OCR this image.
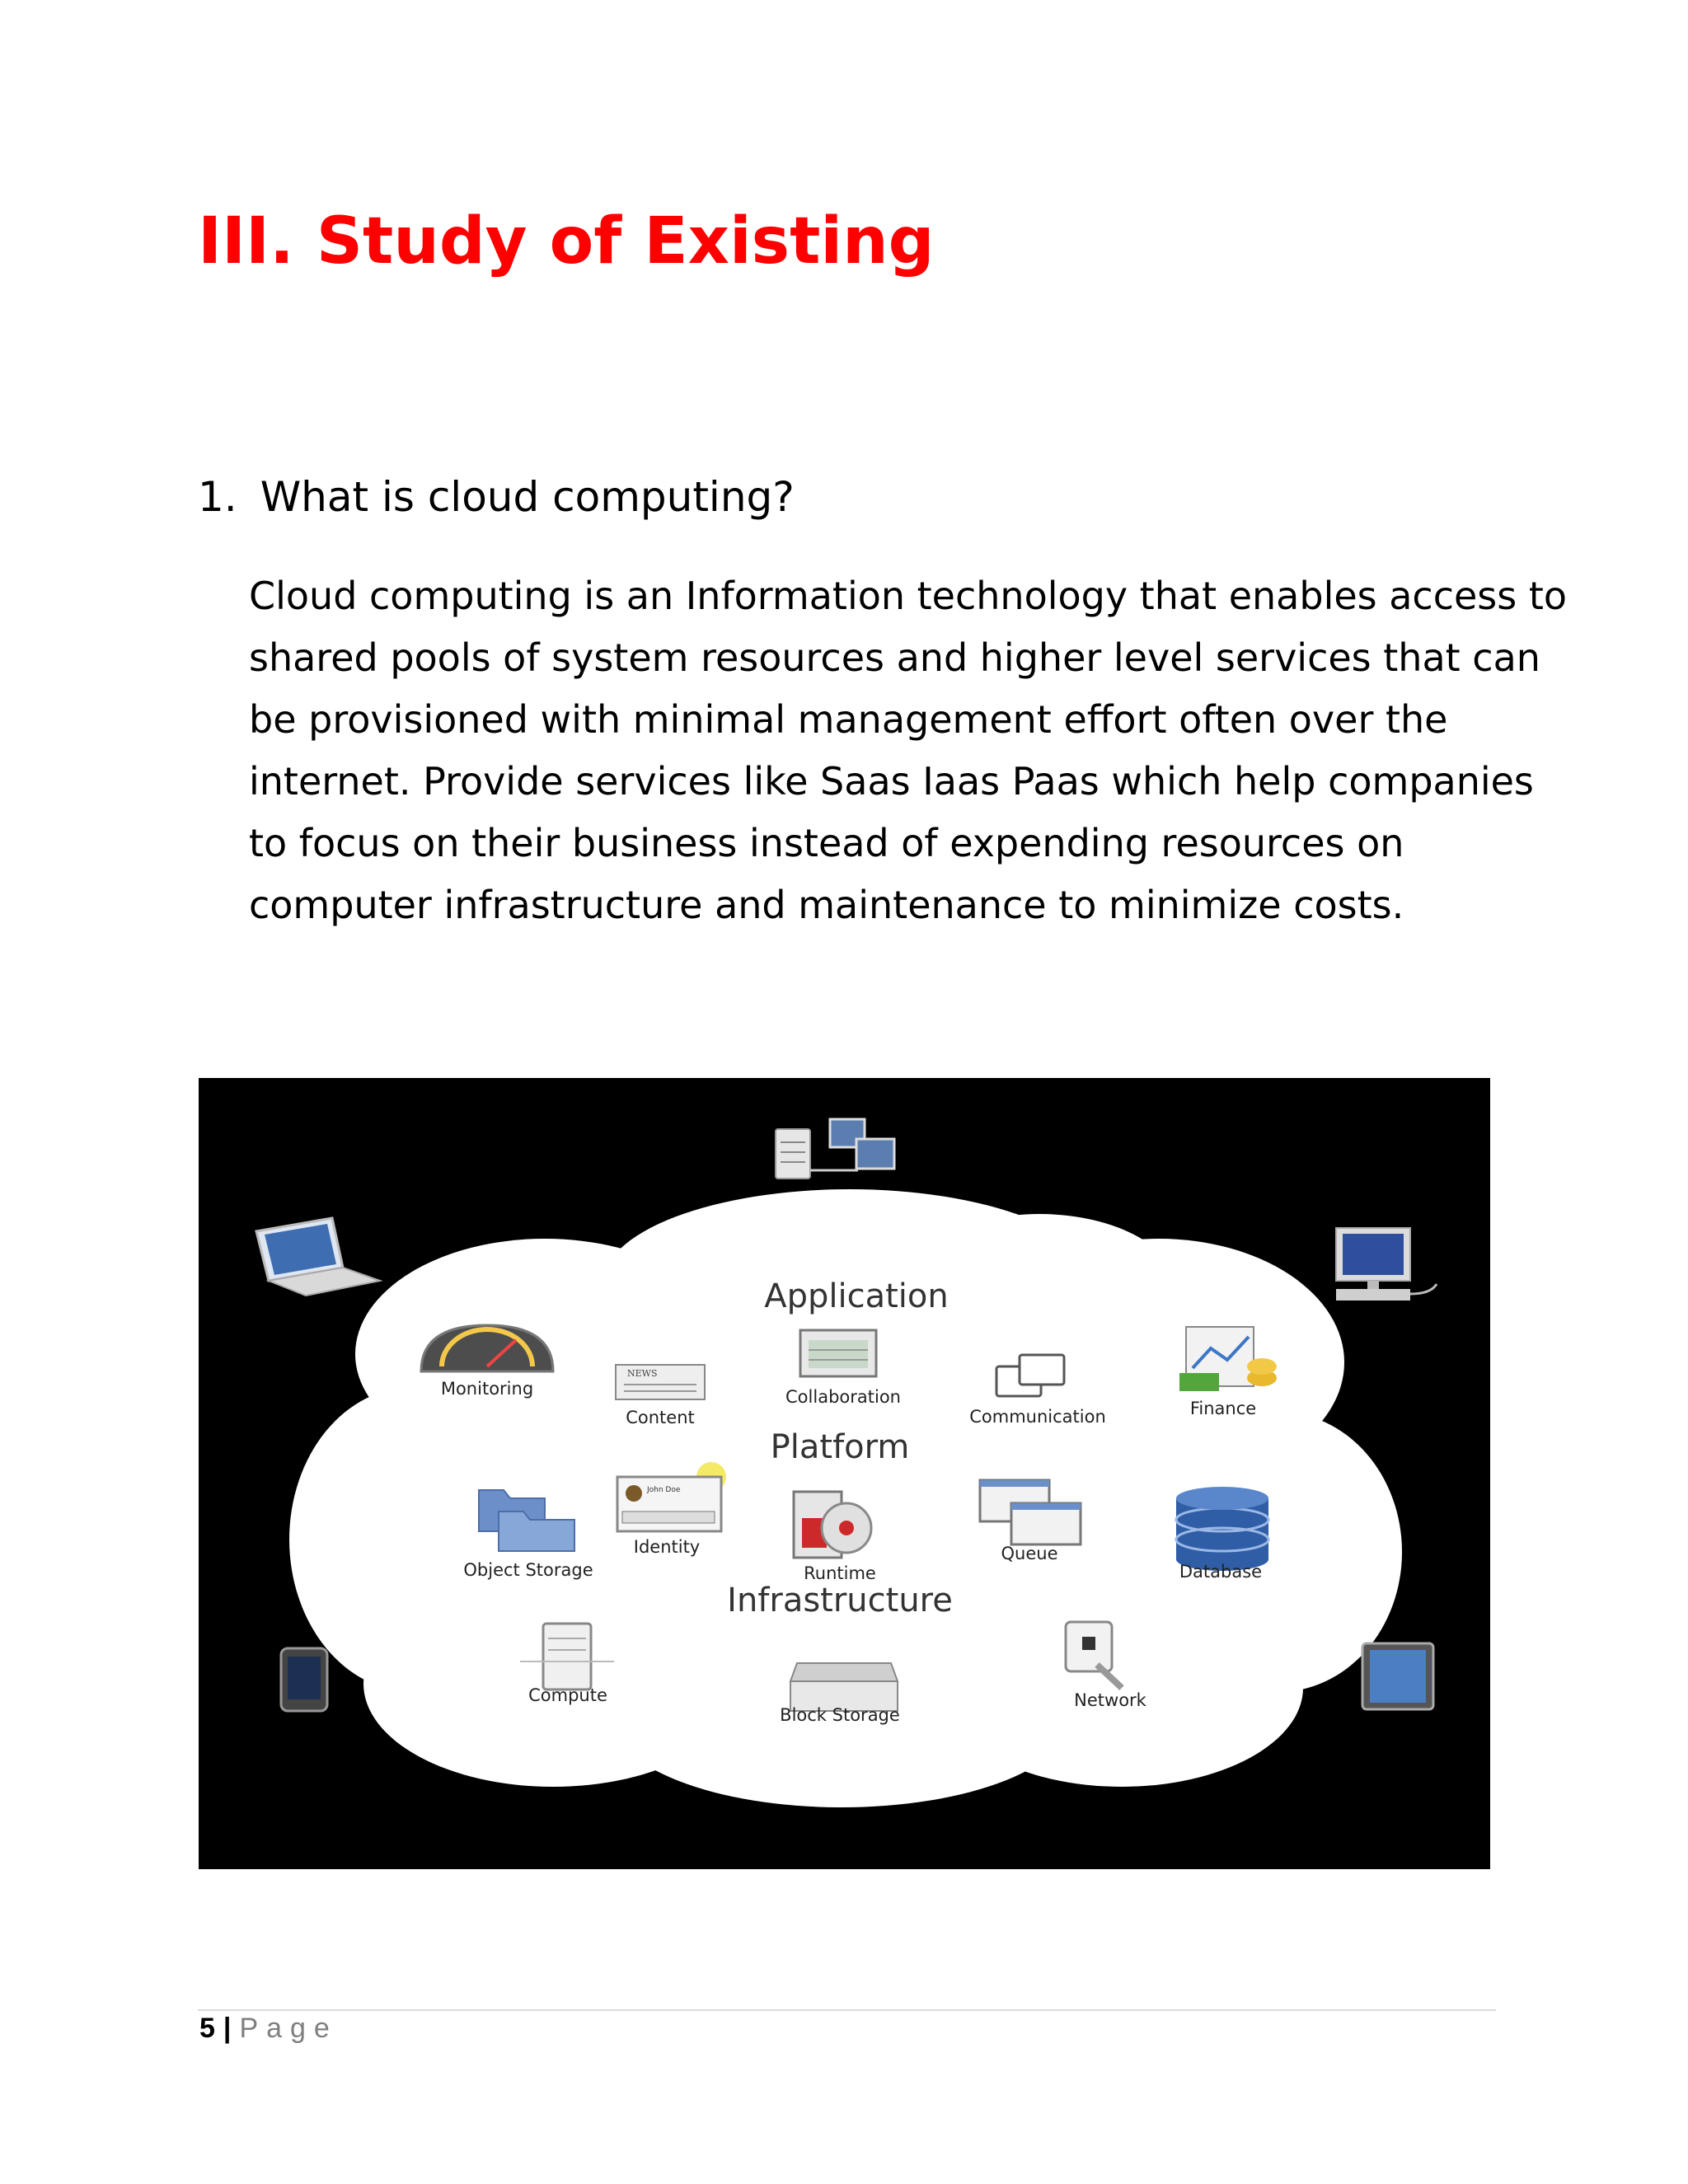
III. Study of Existing
1. What is cloud computing?
Cloud computing is an Information technology that enables access to
shared pools of system resources and higher level services that can
be provisioned with minimal management effort often over the
internet. Provide services like Saas Iaas Paas which help companies
to focus on their business instead of expending resources on
computer infrastructure and maintenance to minimize costs.
Application
Platform
Infrastructure
Monitoring
NEWS
Content
Collaboration
Communication	Finance
Object Storage
John Doe
Identity
Runtime
Queue
Database
Compute
Block Storage
Network
5 | Page
